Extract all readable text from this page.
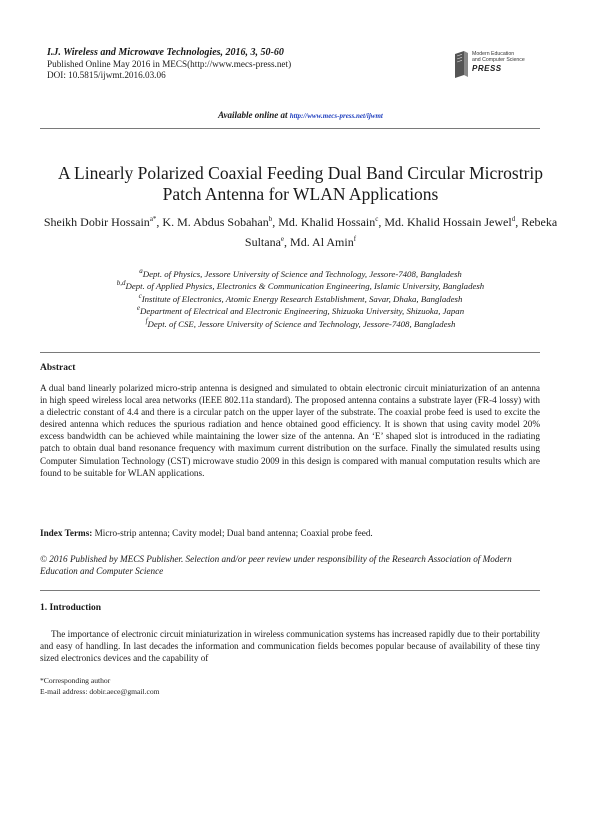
I.J. Wireless and Microwave Technologies, 2016, 3, 50-60
Published Online May 2016 in MECS(http://www.mecs-press.net)
DOI: 10.5815/ijwmt.2016.03.06
Modern Education
and Computer Science
PRESS
Available online at http://www.mecs-press.net/ijwmt
A Linearly Polarized Coaxial Feeding Dual Band Circular Microstrip
Patch Antenna for WLAN Applications
Sheikh Dobir Hossain$^{a*}$, K. M. Abdus Sobahan$^b$, Md. Khalid Hossain$^c$, Md. Khalid Hossain Jewel$^d$, Rebeka Sultana$^e$, Md. Al Amin$^f$
$^a$Dept. of Physics, Jessore University of Science and Technology, Jessore-7408, Bangladesh
$^{b,d}$Dept. of Applied Physics, Electronics & Communication Engineering, Islamic University, Bangladesh
$^c$Institute of Electronics, Atomic Energy Research Establishment, Savar, Dhaka, Bangladesh
$^e$Department of Electrical and Electronic Engineering, Shizuoka University, Shizuoka, Japan
$^f$Dept. of CSE, Jessore University of Science and Technology, Jessore-7408, Bangladesh
Abstract
A dual band linearly polarized micro-strip antenna is designed and simulated to obtain electronic circuit miniaturization of an antenna in high speed wireless local area networks (IEEE 802.11a standard). The proposed antenna contains a substrate layer (FR-4 lossy) with a dielectric constant of 4.4 and there is a circular patch on the upper layer of the substrate. The coaxial probe feed is used to excite the desired antenna which reduces the spurious radiation and hence obtained good efficiency. It is shown that using cavity model 20% excess bandwidth can be achieved while maintaining the lower size of the antenna. An ‘E’ shaped slot is introduced in the radiating patch to obtain dual band resonance frequency with maximum current distribution on the surface. Finally the simulated results using Computer Simulation Technology (CST) microwave studio 2009 in this design is compared with manual computation results which are found to be suitable for WLAN applications.
Index Terms: Micro-strip antenna; Cavity model; Dual band antenna; Coaxial probe feed.
© 2016 Published by MECS Publisher. Selection and/or peer review under responsibility of the Research Association of Modern Education and Computer Science
1. Introduction
The importance of electronic circuit miniaturization in wireless communication systems has increased rapidly due to their portability and easy of handling. In last decades the information and communication fields becomes popular because of availability of these tiny sized electronics devices and the capability of
*Corresponding author
E-mail address: dobir.aece@gmail.com
